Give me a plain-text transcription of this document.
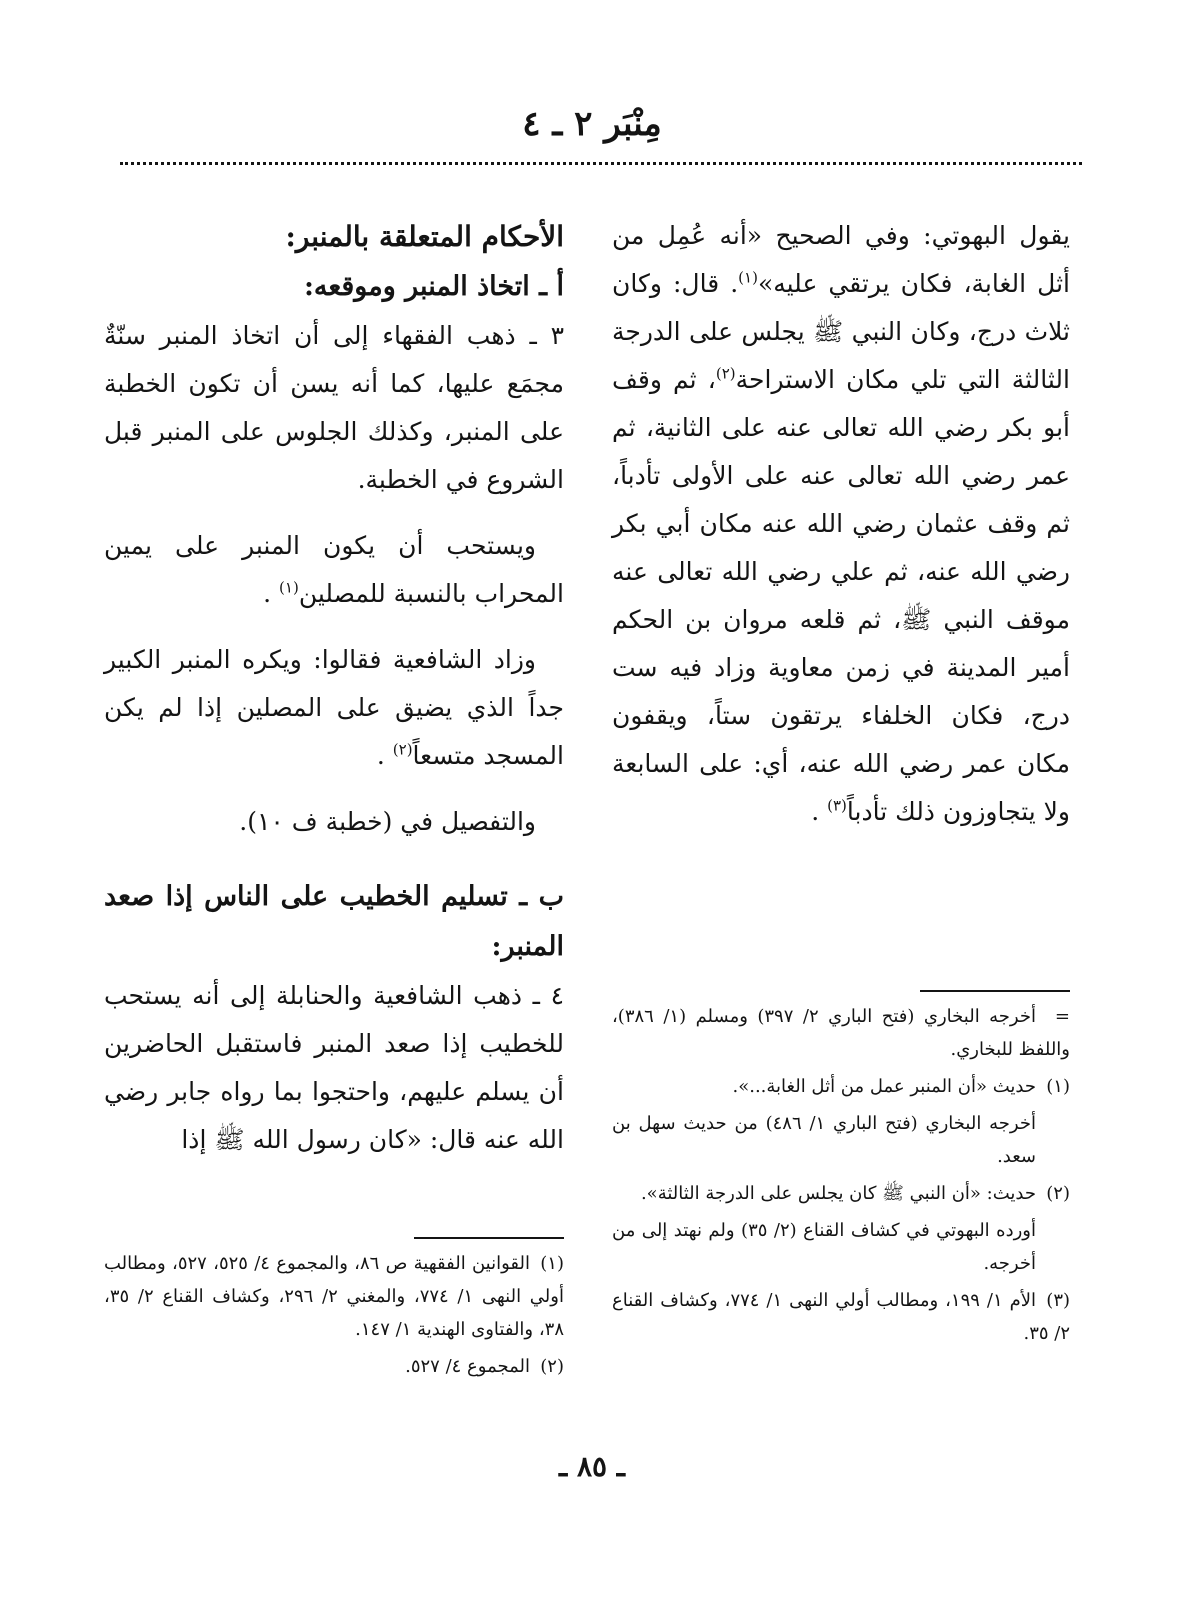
مِنْبَر ٢ ـ ٤

يقول البهوتي: وفي الصحيح «أنه عُمِل من أثل الغابة، فكان يرتقي عليه»$^{(١)}$. قال: وكان ثلاث درج، وكان النبي ﷺ يجلس على الدرجة الثالثة التي تلي مكان الاستراحة$^{(٢)}$، ثم وقف أبو بكر رضي الله تعالى عنه على الثانية، ثم عمر رضي الله تعالى عنه على الأولى تأدباً، ثم وقف عثمان رضي الله عنه مكان أبي بكر رضي الله عنه، ثم علي رضي الله تعالى عنه موقف النبي ﷺ، ثم قلعه مروان بن الحكم أمير المدينة في زمن معاوية وزاد فيه ست درج، فكان الخلفاء يرتقون ستاً، ويقفون مكان عمر رضي الله عنه، أي: على السابعة ولا يتجاوزون ذلك تأدباً$^{(٣)}$ .

الأحكام المتعلقة بالمنبر:

أ ـ اتخاذ المنبر وموقعه:

٣ ـ ذهب الفقهاء إلى أن اتخاذ المنبر سنّةٌ مجمَع عليها، كما أنه يسن أن تكون الخطبة على المنبر، وكذلك الجلوس على المنبر قبل الشروع في الخطبة.

ويستحب أن يكون المنبر على يمين المحراب بالنسبة للمصلين$^{(١)}$ .

وزاد الشافعية فقالوا: ويكره المنبر الكبير جداً الذي يضيق على المصلين إذا لم يكن المسجد متسعاً$^{(٢)}$ .

والتفصيل في (خطبة ف ١٠).

ب ـ تسليم الخطيب على الناس إذا صعد المنبر:

٤ ـ ذهب الشافعية والحنابلة إلى أنه يستحب للخطيب إذا صعد المنبر فاستقبل الحاضرين أن يسلم عليهم، واحتجوا بما رواه جابر رضي الله عنه قال: «كان رسول الله ﷺ إذا

=أخرجه البخاري (فتح الباري ٢/ ٣٩٧) ومسلم (١/ ٣٨٦)، واللفظ للبخاري.

(١)حديث «أن المنبر عمل من أثل الغابة...».

أخرجه البخاري (فتح الباري ١/ ٤٨٦) من حديث سهل بن سعد.

(٢)حديث: «أن النبي ﷺ كان يجلس على الدرجة الثالثة».

أورده البهوتي في كشاف القناع (٢/ ٣٥) ولم نهتد إلى من أخرجه.

(٣)الأم ١/ ١٩٩، ومطالب أولي النهى ١/ ٧٧٤، وكشاف القناع ٢/ ٣٥.

(١)القوانين الفقهية ص ٨٦، والمجموع ٤/ ٥٢٥، ٥٢٧، ومطالب أولي النهى ١/ ٧٧٤، والمغني ٢/ ٢٩٦، وكشاف القناع ٢/ ٣٥، ٣٨، والفتاوى الهندية ١/ ١٤٧.

(٢)المجموع ٤/ ٥٢٧.

ـ ٨٥ ـ
